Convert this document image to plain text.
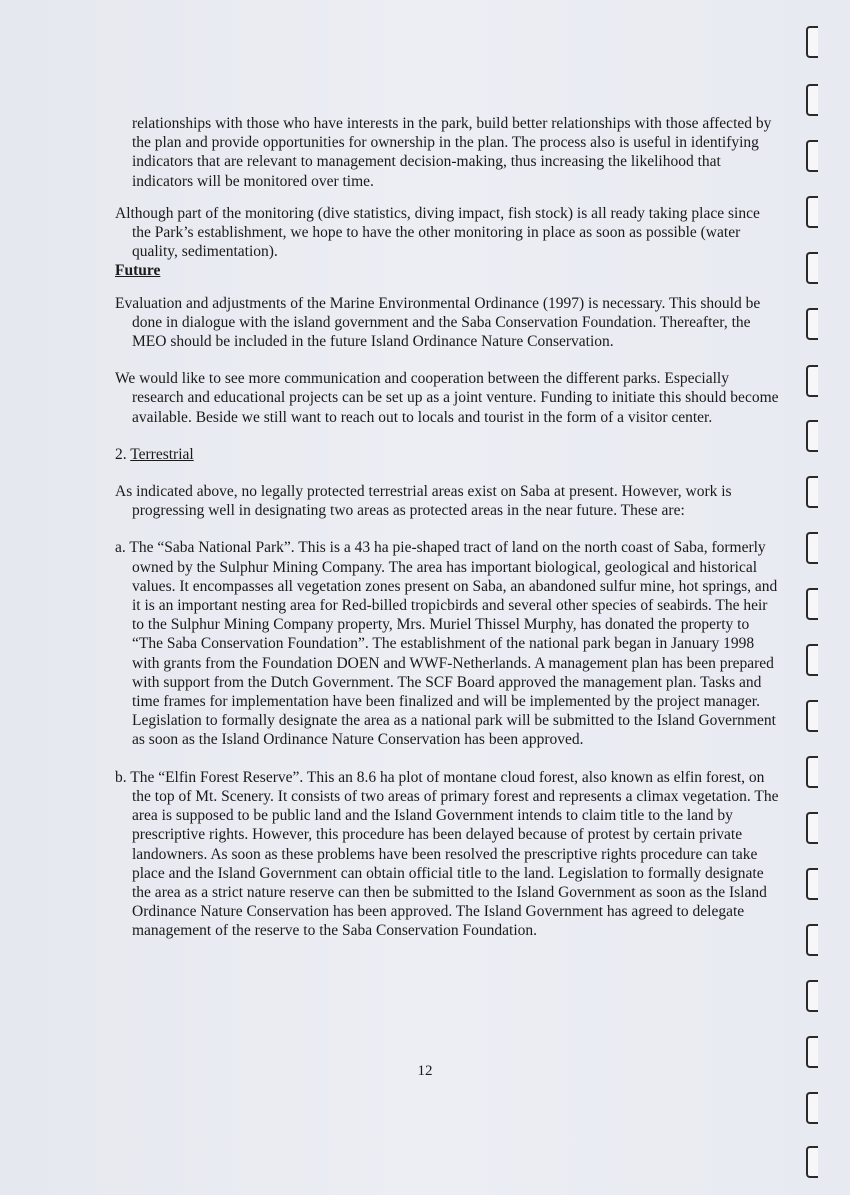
relationships with those who have interests in the park, build better relationships with those affected by the plan and provide opportunities for ownership in the plan. The process also is useful in identifying indicators that are relevant to management decision-making, thus increasing the likelihood that indicators will be monitored over time.

Although part of the monitoring (dive statistics, diving impact, fish stock) is all ready taking place since the Park’s establishment, we hope to have the other monitoring in place as soon as possible (water quality, sedimentation).

Future

Evaluation and adjustments of the Marine Environmental Ordinance (1997) is necessary. This should be done in dialogue with the island government and the Saba Conservation Foundation. Thereafter, the MEO should be included in the future Island Ordinance Nature Conservation.

We would like to see more communication and cooperation between the different parks. Especially research and educational projects can be set up as a joint venture. Funding to initiate this should become available. Beside we still want to reach out to locals and tourist in the form of a visitor center.

2. Terrestrial

As indicated above, no legally protected terrestrial areas exist on Saba at present. However, work is progressing well in designating two areas as protected areas in the near future. These are:

a. The “Saba National Park”. This is a 43 ha pie-shaped tract of land on the north coast of Saba, formerly owned by the Sulphur Mining Company. The area has important biological, geological and historical values. It encompasses all vegetation zones present on Saba, an abandoned sulfur mine, hot springs, and it is an important nesting area for Red-billed tropicbirds and several other species of seabirds. The heir to the Sulphur Mining Company property, Mrs. Muriel Thissel Murphy, has donated the property to “The Saba Conservation Foundation”. The establishment of the national park began in January 1998 with grants from the Foundation DOEN and WWF-Netherlands. A management plan has been prepared with support from the Dutch Government. The SCF Board approved the management plan. Tasks and time frames for implementation have been finalized and will be implemented by the project manager. Legislation to formally designate the area as a national park will be submitted to the Island Government as soon as the Island Ordinance Nature Conservation has been approved.

b. The “Elfin Forest Reserve”. This an 8.6 ha plot of montane cloud forest, also known as elfin forest, on the top of Mt. Scenery. It consists of two areas of primary forest and represents a climax vegetation. The area is supposed to be public land and the Island Government intends to claim title to the land by prescriptive rights. However, this procedure has been delayed because of protest by certain private landowners. As soon as these problems have been resolved the prescriptive rights procedure can take place and the Island Government can obtain official title to the land. Legislation to formally designate the area as a strict nature reserve can then be submitted to the Island Government as soon as the Island Ordinance Nature Conservation has been approved. The Island Government has agreed to delegate management of the reserve to the Saba Conservation Foundation.

12
